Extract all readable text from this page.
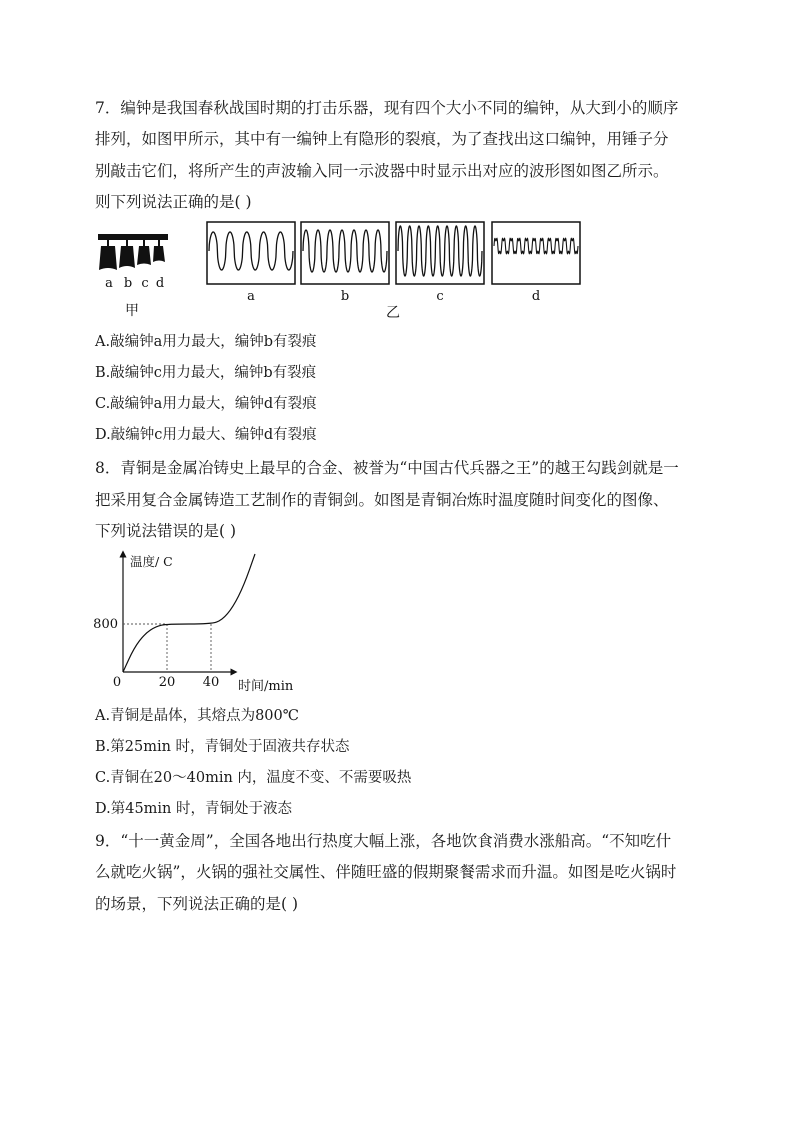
7．编钟是我国春秋战国时期的打击乐器，现有四个大小不同的编钟，从大到小的顺序
排列，如图甲所示，其中有一编钟上有隐形的裂痕，为了查找出这口编钟，用锤子分
别敲击它们，将所产生的声波输入同一示波器中时显示出对应的波形图如图乙所示。
则下列说法正确的是( )
a b c d
甲
a	b	c	d
乙
A.敲编钟a用力最大，编钟b有裂痕
B.敲编钟c用力最大，编钟b有裂痕
C.敲编钟a用力最大，编钟d有裂痕
D.敲编钟c用力最大、编钟d有裂痕
8．青铜是金属冶铸史上最早的合金、被誉为“中国古代兵器之王”的越王勾践剑就是一
把采用复合金属铸造工艺制作的青铜剑。如图是青铜冶炼时温度随时间变化的图像、
下列说法错误的是( )
温度/ C
时间/min
800
0	20 40
A.青铜是晶体，其熔点为800℃
B.第25min 时，青铜处于固液共存状态
C.青铜在20～40min 内，温度不变、不需要吸热
D.第45min 时，青铜处于液态
9．“十一黄金周”，全国各地出行热度大幅上涨，各地饮食消费水涨船高。“不知吃什
么就吃火锅”，火锅的强社交属性、伴随旺盛的假期聚餐需求而升温。如图是吃火锅时
的场景，下列说法正确的是( )
